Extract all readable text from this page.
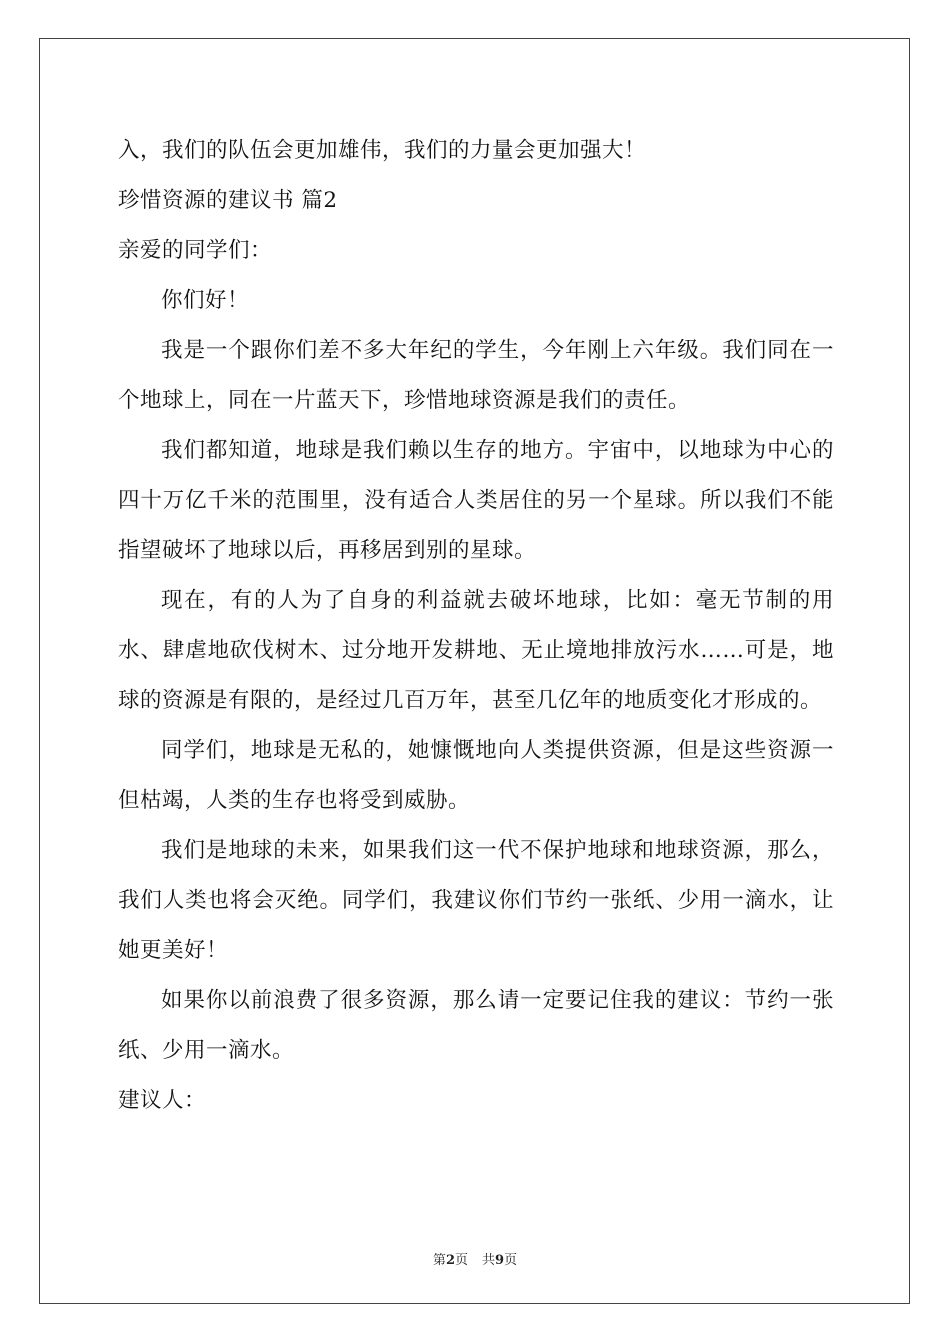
入，我们的队伍会更加雄伟，我们的力量会更加强大！
珍惜资源的建议书 篇2
亲爱的同学们：

你们好！

我是一个跟你们差不多大年纪的学生，今年刚上六年级。我们同在一个地球上，同在一片蓝天下，珍惜地球资源是我们的责任。

我们都知道，地球是我们赖以生存的地方。宇宙中，以地球为中心的四十万亿千米的范围里，没有适合人类居住的另一个星球。所以我们不能指望破坏了地球以后，再移居到别的星球。

现在，有的人为了自身的利益就去破坏地球，比如：毫无节制的用水、肆虐地砍伐树木、过分地开发耕地、无止境地排放污水……可是，地球的资源是有限的，是经过几百万年，甚至几亿年的地质变化才形成的。

同学们，地球是无私的，她慷慨地向人类提供资源，但是这些资源一但枯竭，人类的生存也将受到威胁。

我们是地球的未来，如果我们这一代不保护地球和地球资源，那么，我们人类也将会灭绝。同学们，我建议你们节约一张纸、少用一滴水，让她更美好！

如果你以前浪费了很多资源，那么请一定要记住我的建议：节约一张纸、少用一滴水。

建议人：
第2页 共9页
